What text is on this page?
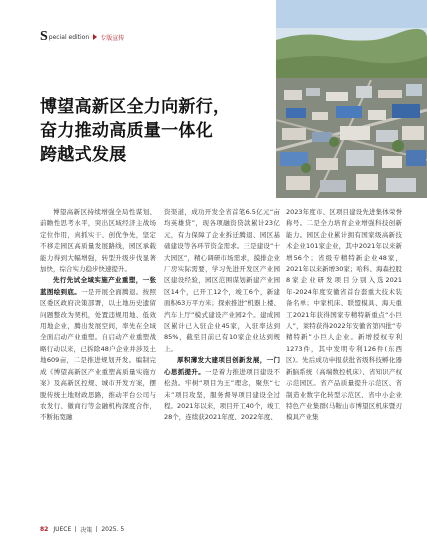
S pecial edition 专版宣传
博望高新区全力向新行，
奋力推动高质量一体化
跨越式发展

博望高新区持续增强全局性谋划、前瞻性思考水平，突出区域经济主战场定位作用，真抓实干、创优争先，坚定不移走园区高质量发展路线，园区承载能力得到大幅增强，转型升级步伐显著加快，综合实力稳步快速提升。

先行先试全域实施产业重塑，一张蓝图绘到底。一是开展全面腾退。按照区委区政府决策部署，以土地历史遗留问题整改为契机，处置违规用地、低效用地企业，腾出发展空间，率先在全域全面启动产业重塑。自启动产业重塑战略行动以来，已拆除48户企业并涉及土地609亩，二是推进规划开发。编制完成《博望高新区产业重塑高质量实施方案》及高新区控规、城市开发方案，摆脱传统土地财政思路，推动平台公司与农发行、徽商行等金融机构深度合作，不断拓宽融

资渠道，成功开发全省首笔6.5亿元“亩均英雄贷”，现各项融资贷款累计23亿元，有力保障了企业拆迁腾退、园区基础建设等各环节资金需求。三是建设“十大园区”，精心调研市场需求，摸排企业厂房实际需要，学习先进开发区产业园区建设经验，园区范围谋划新建产业园区14个，已开工12个，竣工6个，新建面积63万平方米；探索推进“机器上楼、汽车上厅”模式建设产业园2个。建成园区累计已入驻企业45家，入驻率达到85%，截至目前已有10家企业达到规上。

厚积薄发大建项目创新发展，一门心思抓提升。一是着力推进项目建设不松劲。牢树“项目为王”理念，聚焦“七未”项目攻坚，服务督导项目建设全过程。2021年以来，项目开工40个，竣工28个，连续获2021年度、2022年度、

2023年度市、区项目建设先进集体荣誉称号。二是全力培育企业增强科技创新能力。园区企业累计拥有国家级高新技术企业101家企业，其中2021年以来新增56个；省级专精特新企业48家，2021年以来新增30家；哈科、海森控股8家企业研发项目分别入选2021年-2024年度安徽省首台套重大技术装备名单；中家机床、联盟模具、海天重工2021年获得国家专精特新重点“小巨人”，莱特获得2022年安徽省第四批“专精特新”小巨人企业。新增授权专利1273件，其中发明专利126件(东西区)。先后成功申报获批省级科技孵化器新脑系统（高端数控机床）、省知识产权示范园区。省产品质量提升示范区、省制造业数字化转型示范区、省中小企业特色产业集群(马鞍山市博望区机床暨刃模具产业集

82 JUECE 决策 2025. 5
